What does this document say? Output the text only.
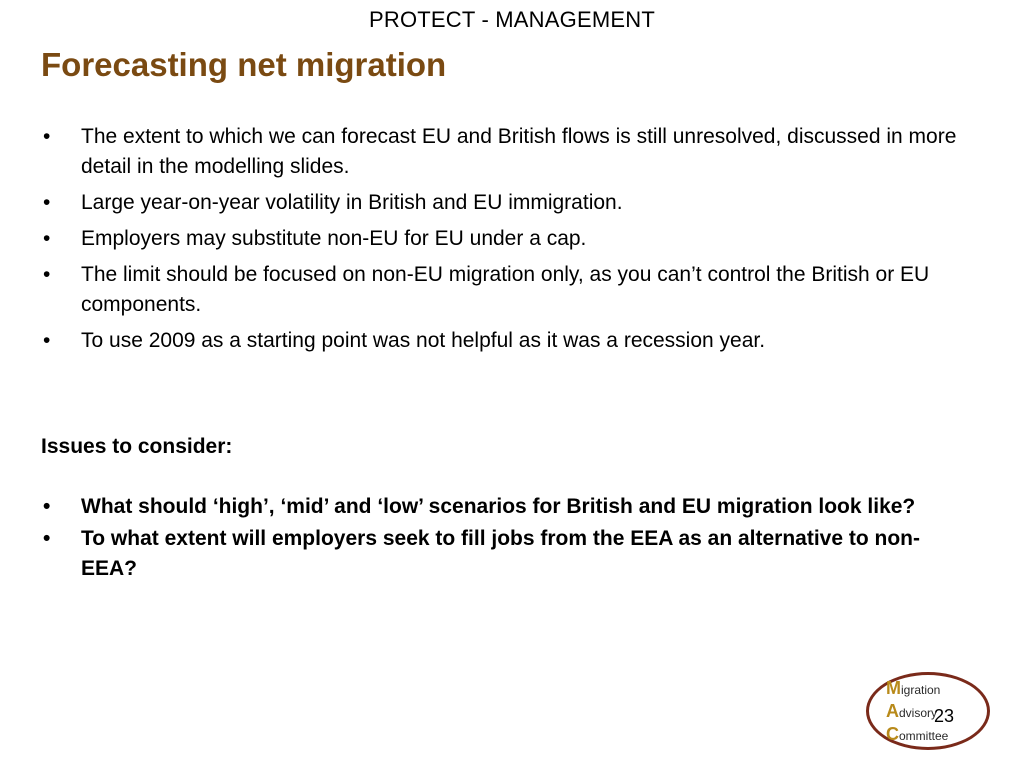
PROTECT - MANAGEMENT
Forecasting net migration
• The extent to which we can forecast EU and British flows is still unresolved, discussed in more detail in the modelling slides.
• Large year-on-year volatility in British and EU immigration.
• Employers may substitute non-EU for EU under a cap.
• The limit should be focused on non-EU migration only, as you can’t control the British or EU components.
• To use 2009 as a starting point was not helpful as it was a recession year.
Issues to consider:
• What should ‘high’, ‘mid’ and ‘low’ scenarios for British and EU migration look like?
• To what extent will employers seek to fill jobs from the EEA as an alternative to non-EEA?
Migration
Advisory
Committee
23
